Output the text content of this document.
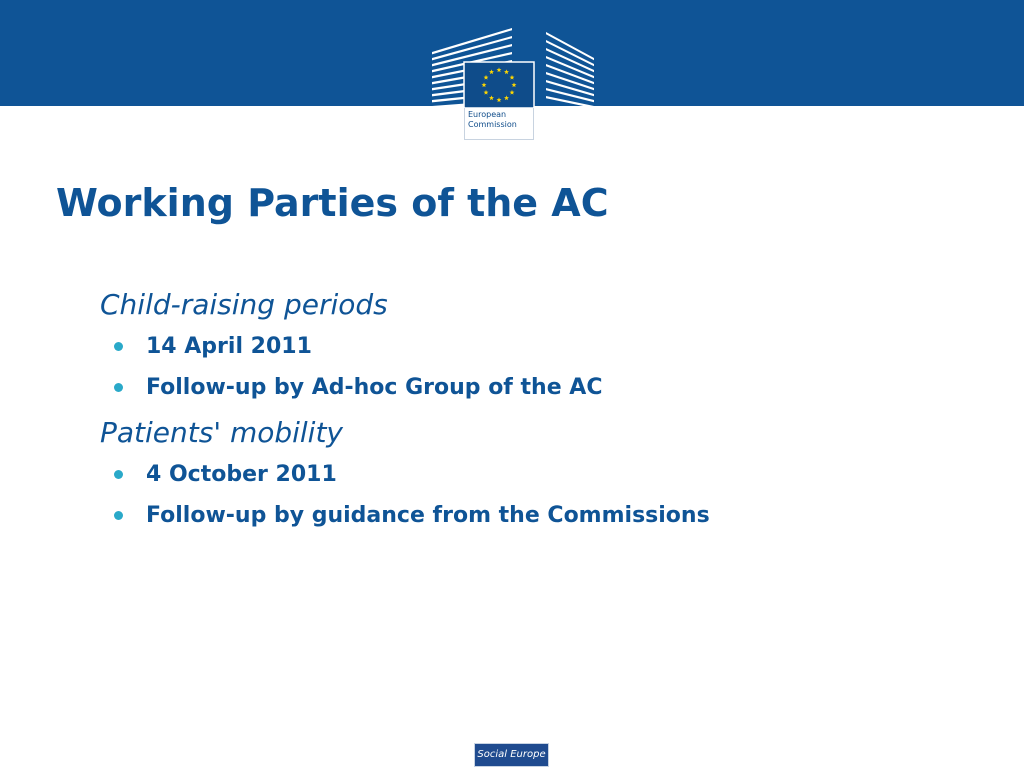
European
Commission
Working Parties of the AC
Child-raising periods
14 April 2011
Follow-up by Ad-hoc Group of the AC
Patients' mobility
4 October 2011
Follow-up by guidance from the Commissions
Social Europe
